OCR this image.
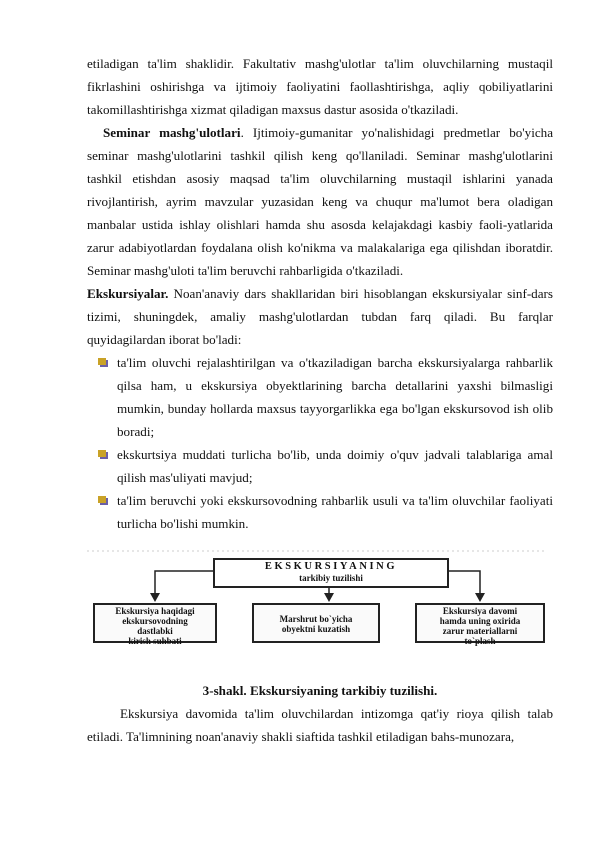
etiladigan ta'lim shaklidir. Fakultativ mashg'ulotlar ta'lim oluvchilarning mustaqil fikrlashini oshirishga va ijtimoiy faoliyatini faollashtirishga, aqliy qobiliyatlarini takomillashtirishga xizmat qiladigan maxsus dastur asosida o'tkaziladi.

Seminar mashg'ulotlari. Ijtimoiy-gumanitar yo'nalishidagi predmetlar bo'yicha seminar mashg'ulotlarini tashkil qilish keng qo'llaniladi. Seminar mashg'ulotlarini tashkil etishdan asosiy maqsad ta'lim oluvchilarning mustaqil ishlarini yanada rivojlantirish, ayrim mavzular yuzasidan keng va chuqur ma'lumot bera oladigan manbalar ustida ishlay olishlari hamda shu asosda kelajakdagi kasbiy faoli-yatlarida zarur adabiyotlardan foydalana olish ko'nikma va malakalariga ega qilishdan iboratdir. Seminar mashg'uloti ta'lim beruvchi rahbarligida o'tkaziladi.

Ekskursiyalar. Noan'anaviy dars shakllaridan biri hisoblangan ekskursiyalar sinf-dars tizimi, shuningdek, amaliy mashg'ulotlardan tubdan farq qiladi. Bu farqlar quyidagilardan iborat bo'ladi:

ta'lim oluvchi rejalashtirilgan va o'tkaziladigan barcha ekskursiyalarga rahbarlik qilsa ham, u ekskursiya obyektlarining barcha detallarini yaxshi bilmasligi mumkin, bunday hollarda maxsus tayyorgarlikka ega bo'lgan ekskursovod ish olib boradi;
ekskurtsiya muddati turlicha bo'lib, unda doimiy o'quv jadvali talablariga amal qilish mas'uliyati mavjud;
ta'lim beruvchi yoki ekskursovodning rahbarlik usuli va ta'lim oluvchilar faoliyati turlicha bo'lishi mumkin.
EKSKURSIYANING
tarkibiy tuzilishi
Ekskursiya haqidagi
ekskursovodning
dastlabki
kirish suhbati
Marshrut bo`yicha
obyektni kuzatish
Ekskursiya davomi
hamda uning oxirida
zarur materiallarni
to`plash
3-shakl. Ekskursiyaning tarkibiy tuzilishi.

Ekskursiya davomida ta'lim oluvchilardan intizomga qat'iy rioya qilish talab etiladi. Ta'limnining noan'anaviy shakli siaftida tashkil etiladigan bahs-munozara,
